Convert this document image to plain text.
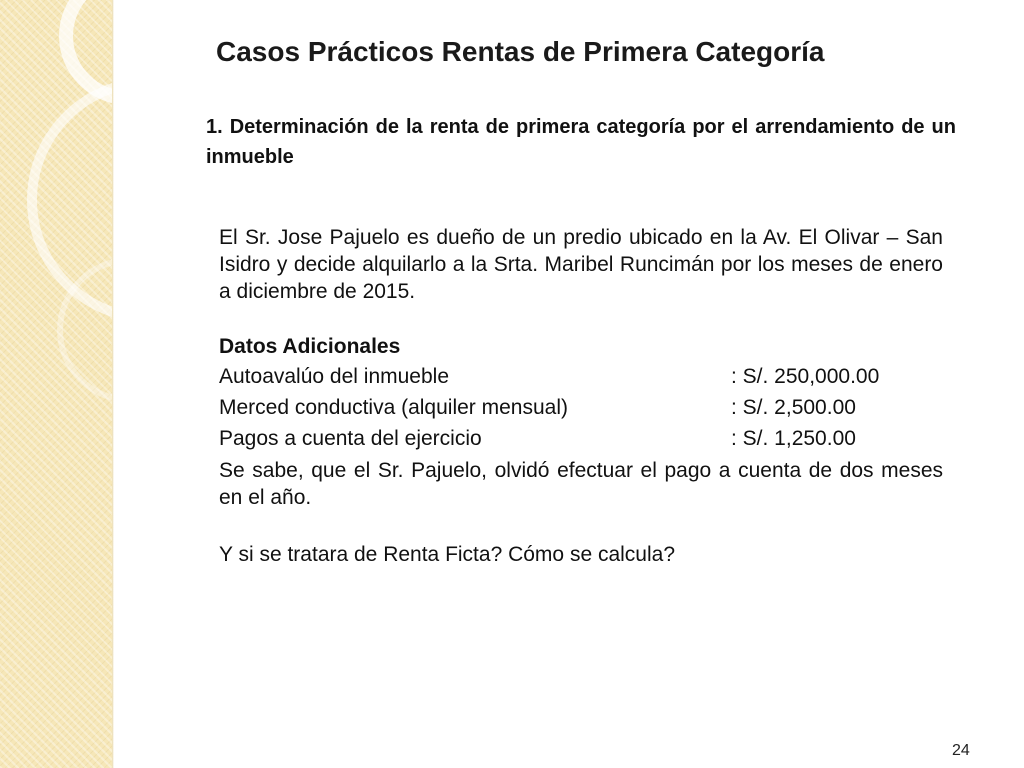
Casos Prácticos Rentas de Primera Categoría

1. Determinación de la renta de primera categoría por el arrendamiento de un inmueble

El Sr. Jose Pajuelo es dueño de un predio ubicado en la Av. El Olivar – San Isidro y decide alquilarlo a la Srta. Maribel Runcimán por los meses de enero a diciembre de 2015.

Datos Adicionales

Autoavalúo del inmueble	: S/. 250,000.00
Merced conductiva (alquiler mensual)	: S/. 2,500.00
Pagos a cuenta del ejercicio	: S/. 1,250.00

Se sabe, que el Sr. Pajuelo, olvidó efectuar el pago a cuenta de dos meses en el año.

Y si se tratara de Renta Ficta? Cómo se calcula?

24
